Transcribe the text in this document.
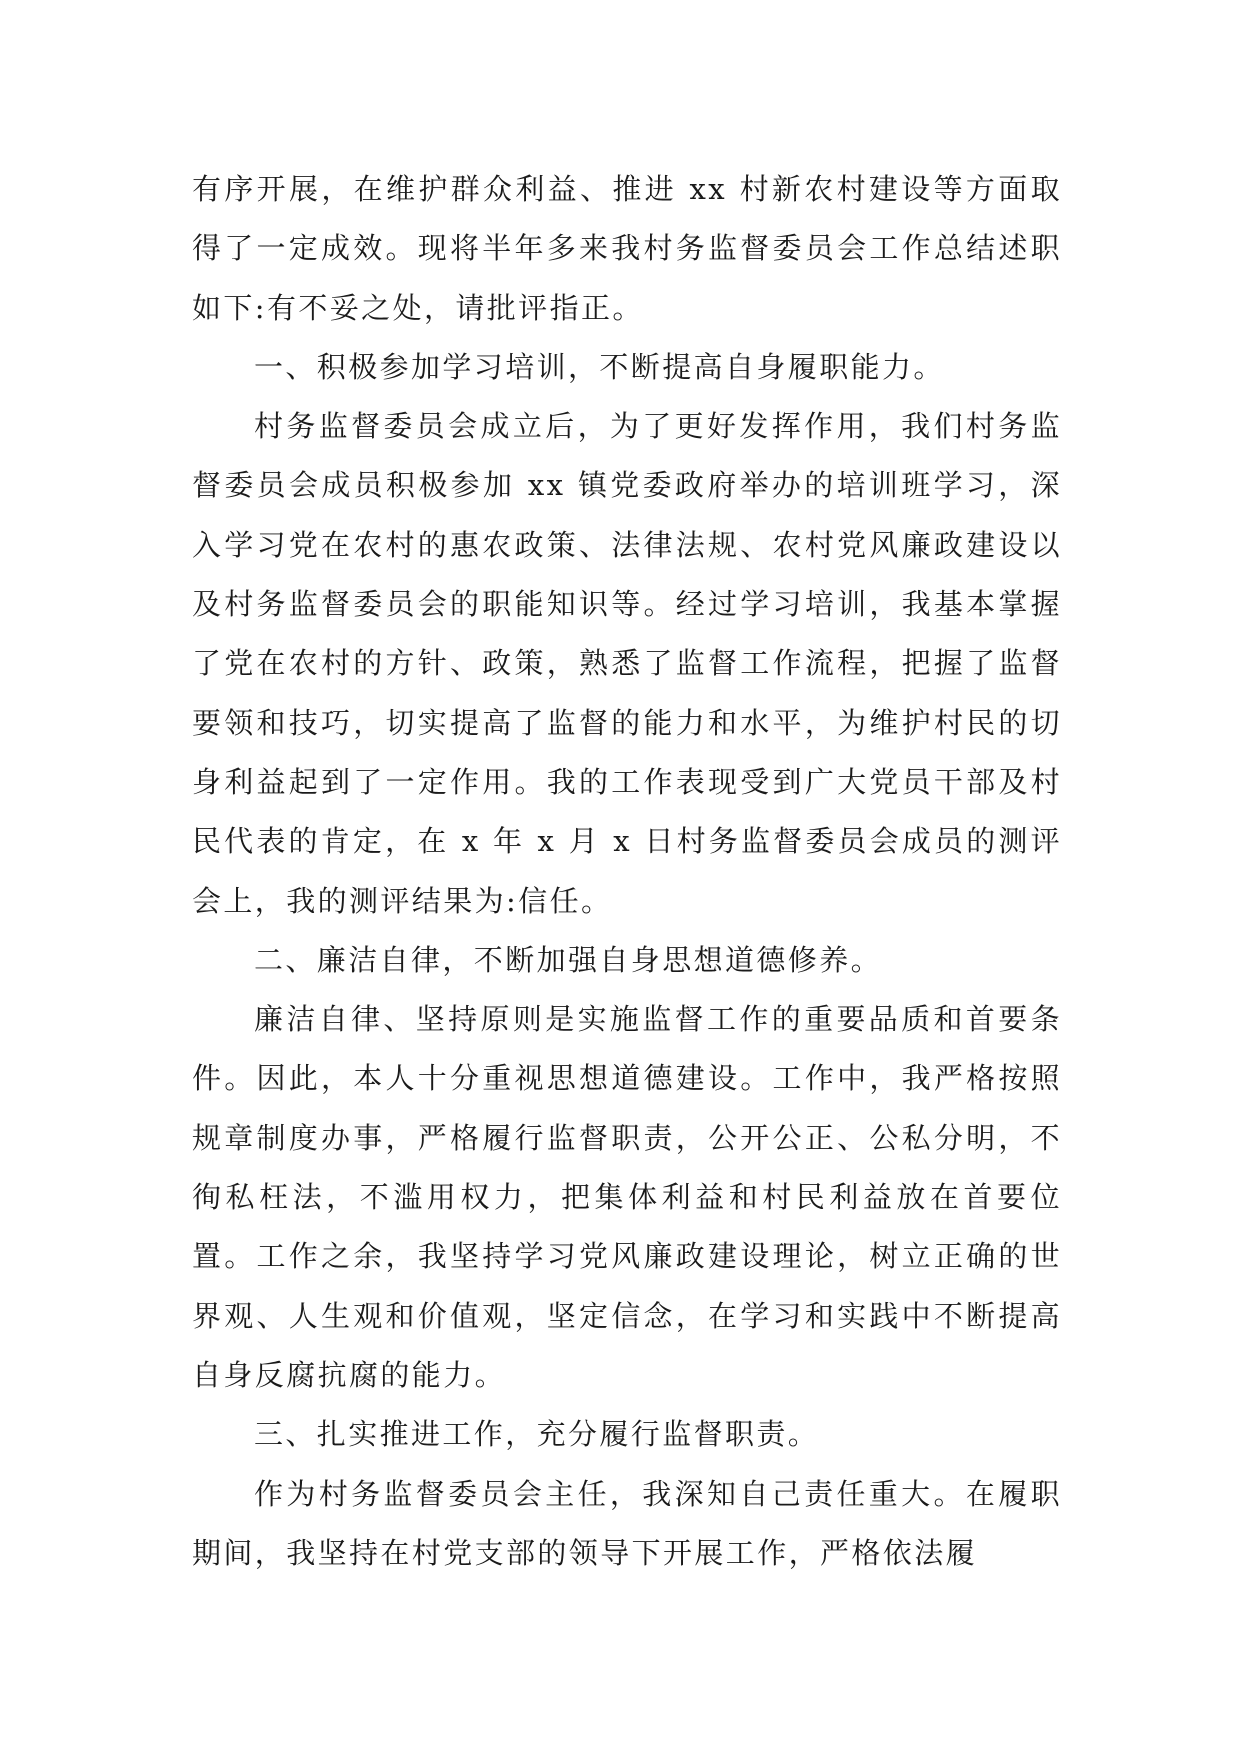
有序开展，在维护群众利益、推进 xx 村新农村建设等方面取得了一定成效。现将半年多来我村务监督委员会工作总结述职如下:有不妥之处，请批评指正。

一、积极参加学习培训，不断提高自身履职能力。

村务监督委员会成立后，为了更好发挥作用，我们村务监督委员会成员积极参加 xx 镇党委政府举办的培训班学习，深入学习党在农村的惠农政策、法律法规、农村党风廉政建设以及村务监督委员会的职能知识等。经过学习培训，我基本掌握了党在农村的方针、政策，熟悉了监督工作流程，把握了监督要领和技巧，切实提高了监督的能力和水平，为维护村民的切身利益起到了一定作用。我的工作表现受到广大党员干部及村民代表的肯定，在 x 年 x 月 x 日村务监督委员会成员的测评会上，我的测评结果为:信任。

二、廉洁自律，不断加强自身思想道德修养。

廉洁自律、坚持原则是实施监督工作的重要品质和首要条件。因此，本人十分重视思想道德建设。工作中，我严格按照规章制度办事，严格履行监督职责，公开公正、公私分明，不徇私枉法，不滥用权力，把集体利益和村民利益放在首要位置。工作之余，我坚持学习党风廉政建设理论，树立正确的世界观、人生观和价值观，坚定信念，在学习和实践中不断提高自身反腐抗腐的能力。

三、扎实推进工作，充分履行监督职责。

作为村务监督委员会主任，我深知自己责任重大。在履职期间，我坚持在村党支部的领导下开展工作，严格依法履
